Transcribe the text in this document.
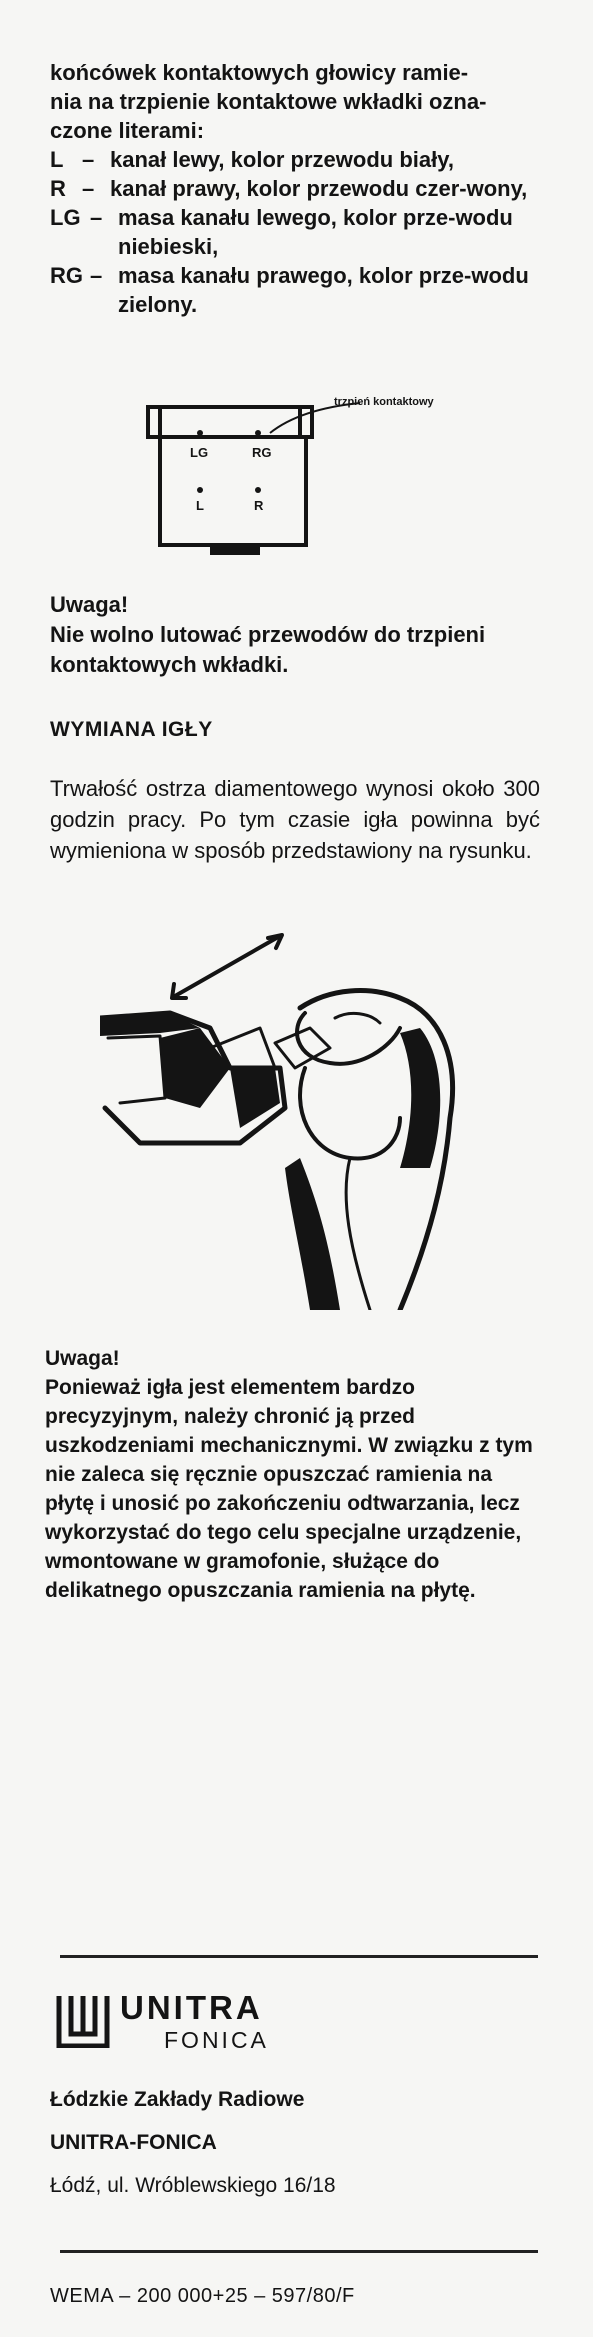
końcówek kontaktowych głowicy ramie-

nia na trzpienie kontaktowe wkładki ozna-

czone literami:

L – kanał lewy, kolor przewodu biały,
R – kanał prawy, kolor przewodu czer-wony,
LG – masa kanału lewego, kolor prze-wodu niebieski,
RG – masa kanału prawego, kolor prze-wodu zielony.
LG	RG
L	R
trzpień kontaktowy

Uwaga!

Nie wolno lutować przewodów do trzpieni kontaktowych wkładki.

WYMIANA IGŁY

Trwałość ostrza diamentowego wynosi około 300 godzin pracy. Po tym czasie igła powinna być wymieniona w sposób przedstawiony na rysunku.

Uwaga!

Ponieważ igła jest elementem bardzo precyzyjnym, należy chronić ją przed uszkodzeniami mechanicznymi. W związku z tym nie zaleca się ręcznie opuszczać ramienia na płytę i unosić po zakończeniu odtwarzania, lecz wykorzystać do tego celu specjalne urządzenie, wmontowane w gramofonie, służące do delikatnego opuszczania ramienia na płytę.

UNITRA
FONICA
Łódzkie Zakłady Radiowe
UNITRA-FONICA
Łódź, ul. Wróblewskiego 16/18
WEMA – 200 000+25 – 597/80/F
